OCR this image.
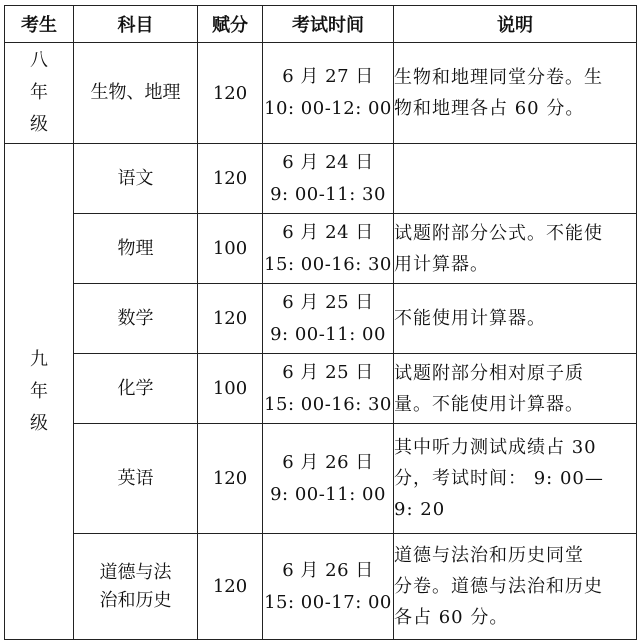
考生	科目	赋分	考试时间	说明

八
年
级	生物、地理	120	6 月 27 日
10: 00-12: 00	生物和地理同堂分卷。生
物和地理各占 60 分。

九
年
级	语文	120	6 月 24 日
9: 00-11: 30	

	物理	100	6 月 24 日
15: 00-16: 30	试题附部分公式。不能使
用计算器。

	数学	120	6 月 25 日
9: 00-11: 00	不能使用计算器。

	化学	100	6 月 25 日
15: 00-16: 30	试题附部分相对原子质
量。不能使用计算器。

	英语	120	6 月 26 日
9: 00-11: 00	其中听力测试成绩占 30
分，考试时间： 9: 00—
9: 20

	道德与法
治和历史	120	6 月 26 日
15: 00-17: 00	道德与法治和历史同堂
分卷。道德与法治和历史
各占 60 分。
